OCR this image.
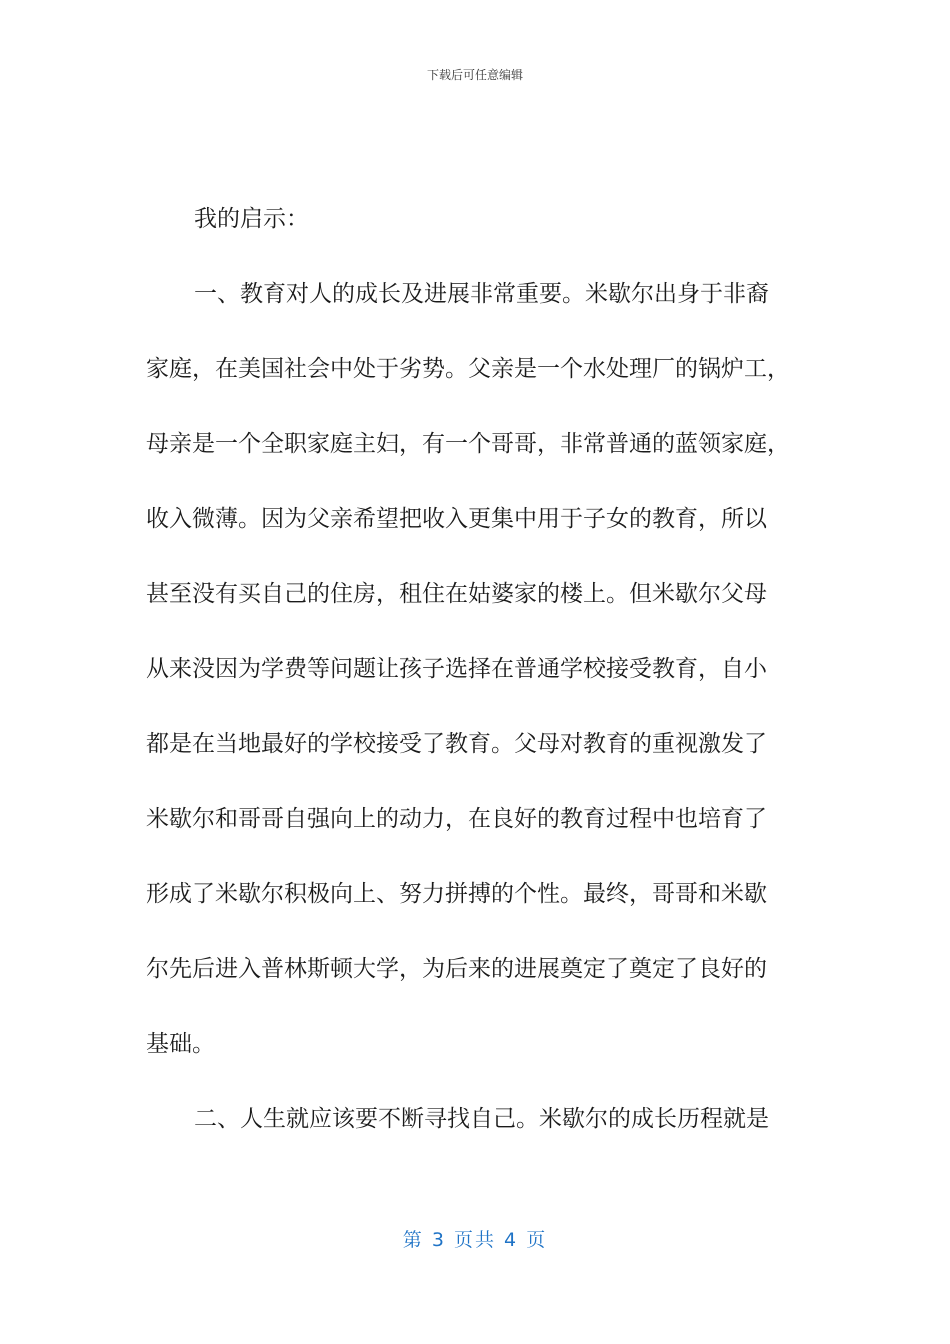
下载后可任意编辑

我的启示：

一、教育对人的成长及进展非常重要。米歇尔出身于非裔
家庭，在美国社会中处于劣势。父亲是一个水处理厂的锅炉工，
母亲是一个全职家庭主妇，有一个哥哥，非常普通的蓝领家庭，
收入微薄。因为父亲希望把收入更集中用于子女的教育，所以
甚至没有买自己的住房，租住在姑婆家的楼上。但米歇尔父母
从来没因为学费等问题让孩子选择在普通学校接受教育，自小
都是在当地最好的学校接受了教育。父母对教育的重视激发了
米歇尔和哥哥自强向上的动力，在良好的教育过程中也培育了
形成了米歇尔积极向上、努力拼搏的个性。最终，哥哥和米歇
尔先后进入普林斯顿大学，为后来的进展奠定了奠定了良好的
基础。

二、人生就应该要不断寻找自己。米歇尔的成长历程就是

第 3 页共 4 页
